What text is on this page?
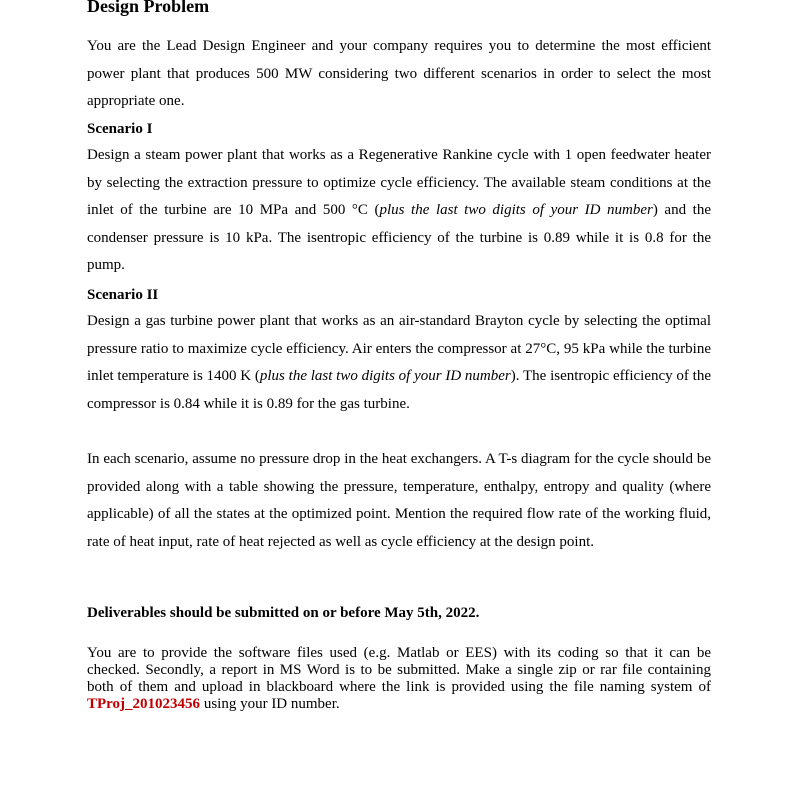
Design Problem

You are the Lead Design Engineer and your company requires you to determine the most efficient power plant that produces 500 MW considering two different scenarios in order to select the most appropriate one.

Scenario I

Design a steam power plant that works as a Regenerative Rankine cycle with 1 open feedwater heater by selecting the extraction pressure to optimize cycle efficiency. The available steam conditions at the inlet of the turbine are 10 MPa and 500 °C (plus the last two digits of your ID number) and the condenser pressure is 10 kPa. The isentropic efficiency of the turbine is 0.89 while it is 0.8 for the pump.

Scenario II

Design a gas turbine power plant that works as an air-standard Brayton cycle by selecting the optimal pressure ratio to maximize cycle efficiency. Air enters the compressor at 27°C, 95 kPa while the turbine inlet temperature is 1400 K (plus the last two digits of your ID number). The isentropic efficiency of the compressor is 0.84 while it is 0.89 for the gas turbine.

In each scenario, assume no pressure drop in the heat exchangers. A T-s diagram for the cycle should be provided along with a table showing the pressure, temperature, enthalpy, entropy and quality (where applicable) of all the states at the optimized point. Mention the required flow rate of the working fluid, rate of heat input, rate of heat rejected as well as cycle efficiency at the design point.

Deliverables should be submitted on or before May 5th, 2022.

You are to provide the software files used (e.g. Matlab or EES) with its coding so that it can be checked. Secondly, a report in MS Word is to be submitted. Make a single zip or rar file containing both of them and upload in blackboard where the link is provided using the file naming system of TProj_201023456 using your ID number.
